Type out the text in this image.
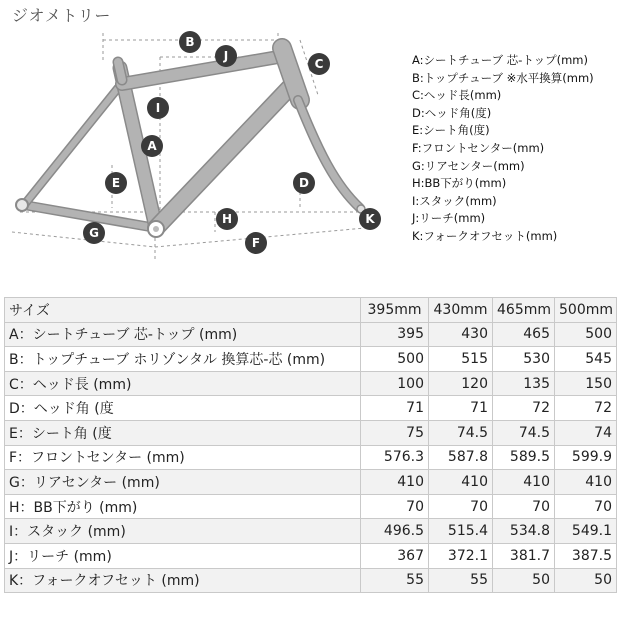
ジオメトリー
B
J
C
I
A
E	D
H	K
G
F
A:シートチューブ 芯-トップ(mm)
B:トップチューブ ※水平換算(mm)
C:ヘッド長(mm)
D:ヘッド角(度)
E:シート角(度)
F:フロントセンター(mm)
G:リアセンター(mm)
H:BB下がり(mm)
I:スタック(mm)
J:リーチ(mm)
K:フォークオフセット(mm)
サイズ	395mm	430mm	465mm	500mm
A：シートチューブ 芯-トップ (mm)	395	430	465	500
B：トップチューブ ホリゾンタル 換算芯-芯 (mm)	500	515	530	545
C：ヘッド長 (mm)	100	120	135	150
D：ヘッド角 (度	71	71	72	72
E：シート角 (度	75	74.5	74.5	74
F：フロントセンター (mm)	576.3	587.8	589.5	599.9
G：リアセンター (mm)	410	410	410	410
H：BB下がり (mm)	70	70	70	70
I：スタック (mm)	496.5	515.4	534.8	549.1
J：リーチ (mm)	367	372.1	381.7	387.5
K：フォークオフセット (mm)	55	55	50	50
